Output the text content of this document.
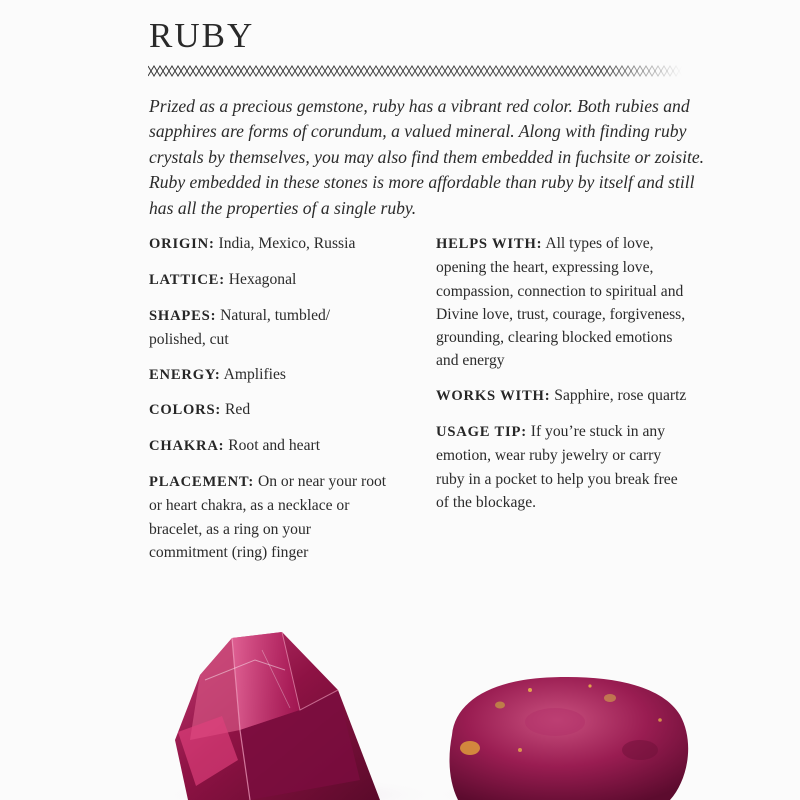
RUBY

Prized as a precious gemstone, ruby has a vibrant red color. Both rubies and sapphires are forms of corundum, a valued mineral. Along with finding ruby crystals by themselves, you may also find them embedded in fuchsite or zoisite. Ruby embedded in these stones is more affordable than ruby by itself and still has all the properties of a single ruby.

ORIGIN: India, Mexico, Russia

LATTICE: Hexagonal

SHAPES: Natural, tumbled/ polished, cut

ENERGY: Amplifies

COLORS: Red

CHAKRA: Root and heart

PLACEMENT: On or near your root or heart chakra, as a necklace or bracelet, as a ring on your commitment (ring) finger

HELPS WITH: All types of love, opening the heart, expressing love, compassion, connection to spiritual and Divine love, trust, courage, forgiveness, grounding, clearing blocked emotions and energy

WORKS WITH: Sapphire, rose quartz

USAGE TIP: If you’re stuck in any emotion, wear ruby jewelry or carry ruby in a pocket to help you break free of the blockage.
